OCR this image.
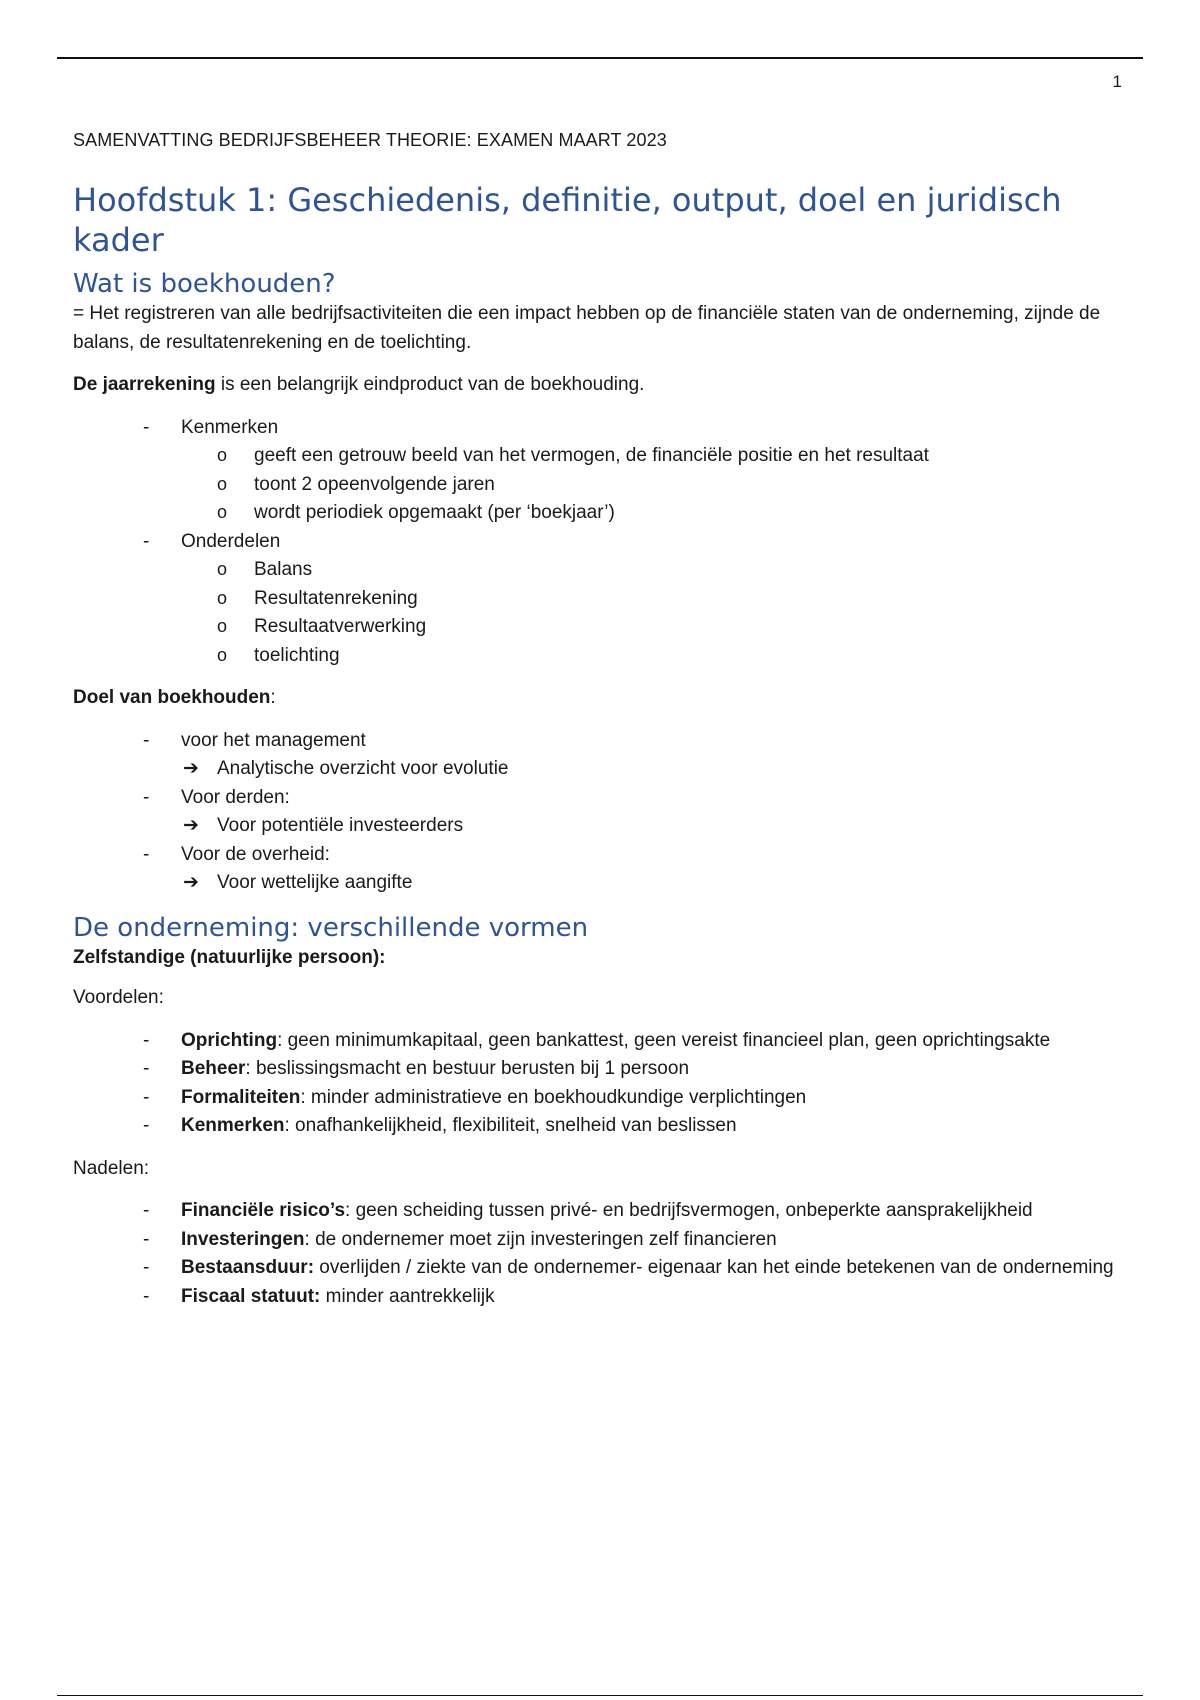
1

SAMENVATTING BEDRIJFSBEHEER THEORIE: EXAMEN MAART 2023

Hoofdstuk 1: Geschiedenis, definitie, output, doel en juridisch kader
Wat is boekhouden?

= Het registreren van alle bedrijfsactiviteiten die een impact hebben op de financiële staten van de onderneming, zijnde de balans, de resultatenrekening en de toelichting.

De jaarrekening is een belangrijk eindproduct van de boekhouding.

- Kenmerken
o geeft een getrouw beeld van het vermogen, de financiële positie en het resultaat
o toont 2 opeenvolgende jaren
o wordt periodiek opgemaakt (per ‘boekjaar’)
- Onderdelen
o Balans
o Resultatenrekening
o Resultaatverwerking
o toelichting

Doel van boekhouden:

- voor het management
➔ Analytische overzicht voor evolutie
- Voor derden:
➔ Voor potentiële investeerders
- Voor de overheid:
➔ Voor wettelijke aangifte
De onderneming: verschillende vormen

Zelfstandige (natuurlijke persoon):

Voordelen:

- Oprichting: geen minimumkapitaal, geen bankattest, geen vereist financieel plan, geen oprichtingsakte
- Beheer: beslissingsmacht en bestuur berusten bij 1 persoon
- Formaliteiten: minder administratieve en boekhoudkundige verplichtingen
- Kenmerken: onafhankelijkheid, flexibiliteit, snelheid van beslissen

Nadelen:

- Financiële risico’s: geen scheiding tussen privé- en bedrijfsvermogen, onbeperkte aansprakelijkheid
- Investeringen: de ondernemer moet zijn investeringen zelf financieren
- Bestaansduur: overlijden / ziekte van de ondernemer- eigenaar kan het einde betekenen van de onderneming
- Fiscaal statuut: minder aantrekkelijk
